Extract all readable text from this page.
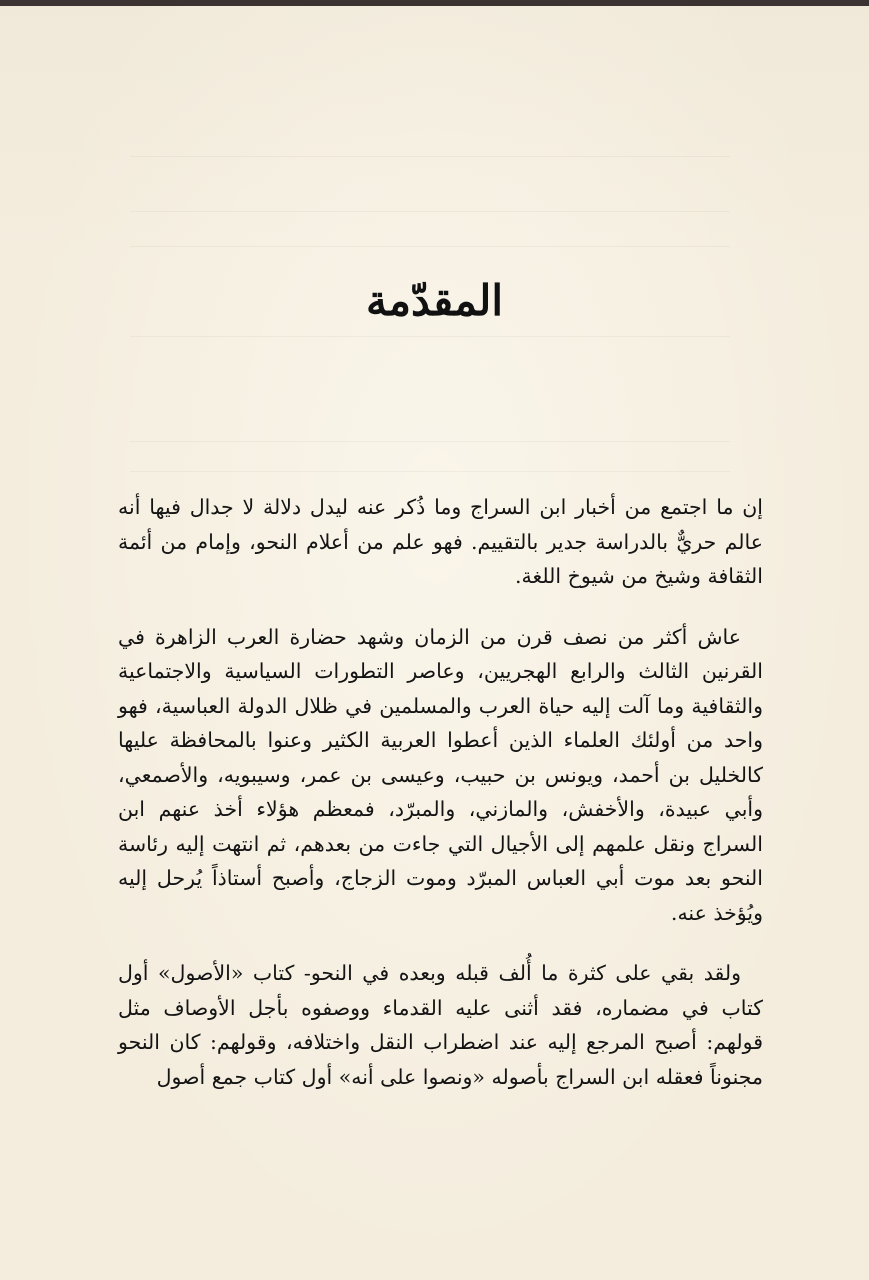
المقدّمة

إن ما اجتمع من أخبار ابن السراج وما ذُكر عنه ليدل دلالة لا جدال فيها أنه عالم حريٌّ بالدراسة جدير بالتقييم. فهو علم من أعلام النحو، وإمام من أئمة الثقافة وشيخ من شيوخ اللغة.

عاش أكثر من نصف قرن من الزمان وشهد حضارة العرب الزاهرة في القرنين الثالث والرابع الهجريين، وعاصر التطورات السياسية والاجتماعية والثقافية وما آلت إليه حياة العرب والمسلمين في ظلال الدولة العباسية، فهو واحد من أولئك العلماء الذين أعطوا العربية الكثير وعنوا بالمحافظة عليها كالخليل بن أحمد، ويونس بن حبيب، وعيسى بن عمر، وسيبويه، والأصمعي، وأبي عبيدة، والأخفش، والمازني، والمبرّد، فمعظم هؤلاء أخذ عنهم ابن السراج ونقل علمهم إلى الأجيال التي جاءت من بعدهم، ثم انتهت إليه رئاسة النحو بعد موت أبي العباس المبرّد وموت الزجاج، وأصبح أستاذاً يُرحل إليه ويُؤخذ عنه.

ولقد بقي على كثرة ما أُلف قبله وبعده في النحو- كتاب «الأصول» أول كتاب في مضماره، فقد أثنى عليه القدماء ووصفوه بأجل الأوصاف مثل قولهم: أصبح المرجع إليه عند اضطراب النقل واختلافه، وقولهم: كان النحو مجنوناً فعقله ابن السراج بأصوله «ونصوا على أنه» أول كتاب جمع أصول
